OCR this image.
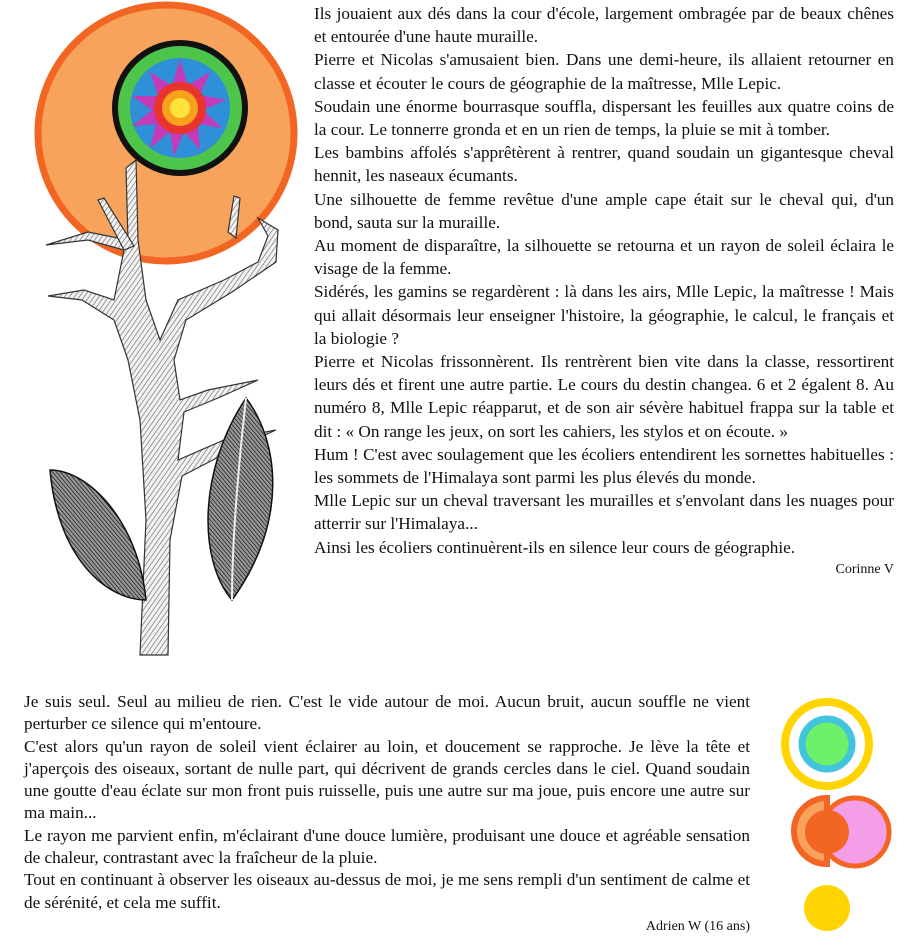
Ils jouaient aux dés dans la cour d'école, largement ombragée par de beaux chênes et entourée d'une haute muraille.

Pierre et Nicolas s'amusaient bien. Dans une demi-heure, ils allaient retourner en classe et écouter le cours de géographie de la maîtresse, Mlle Lepic.

Soudain une énorme bourrasque souffla, dispersant les feuilles aux quatre coins de la cour. Le tonnerre gronda et en un rien de temps, la pluie se mit à tomber.

Les bambins affolés s'apprêtèrent à rentrer, quand soudain un gigantesque cheval hennit, les naseaux écumants.

Une silhouette de femme revêtue d'une ample cape était sur le cheval qui, d'un bond, sauta sur la muraille.

Au moment de disparaître, la silhouette se retourna et un rayon de soleil éclaira le visage de la femme.

Sidérés, les gamins se regardèrent : là dans les airs, Mlle Lepic, la maîtresse ! Mais qui allait désormais leur enseigner l'histoire, la géographie, le calcul, le français et la biologie ?

Pierre et Nicolas frissonnèrent. Ils rentrèrent bien vite dans la classe, ressortirent leurs dés et firent une autre partie. Le cours du destin changea. 6 et 2 égalent 8. Au numéro 8, Mlle Lepic réapparut, et de son air sévère habituel frappa sur la table et dit : « On range les jeux, on sort les cahiers, les stylos et on écoute. »

Hum ! C'est avec soulagement que les écoliers entendirent les sornettes habituelles : les sommets de l'Himalaya sont parmi les plus élevés du monde.

Mlle Lepic sur un cheval traversant les murailles et s'envolant dans les nuages pour atterrir sur l'Himalaya...

Ainsi les écoliers continuèrent-ils en silence leur cours de géographie.

Corinne V

Je suis seul. Seul au milieu de rien. C'est le vide autour de moi. Aucun bruit, aucun souffle ne vient perturber ce silence qui m'entoure.

C'est alors qu'un rayon de soleil vient éclairer au loin, et doucement se rapproche. Je lève la tête et j'aperçois des oiseaux, sortant de nulle part, qui décrivent de grands cercles dans le ciel. Quand soudain une goutte d'eau éclate sur mon front puis ruisselle, puis une autre sur ma joue, puis encore une autre sur ma main...

Le rayon me parvient enfin, m'éclairant d'une douce lumière, produisant une douce et agréable sensation de chaleur, contrastant avec la fraîcheur de la pluie.

Tout en continuant à observer les oiseaux au-dessus de moi, je me sens rempli d'un sentiment de calme et de sérénité, et cela me suffit.

Adrien W (16 ans)
